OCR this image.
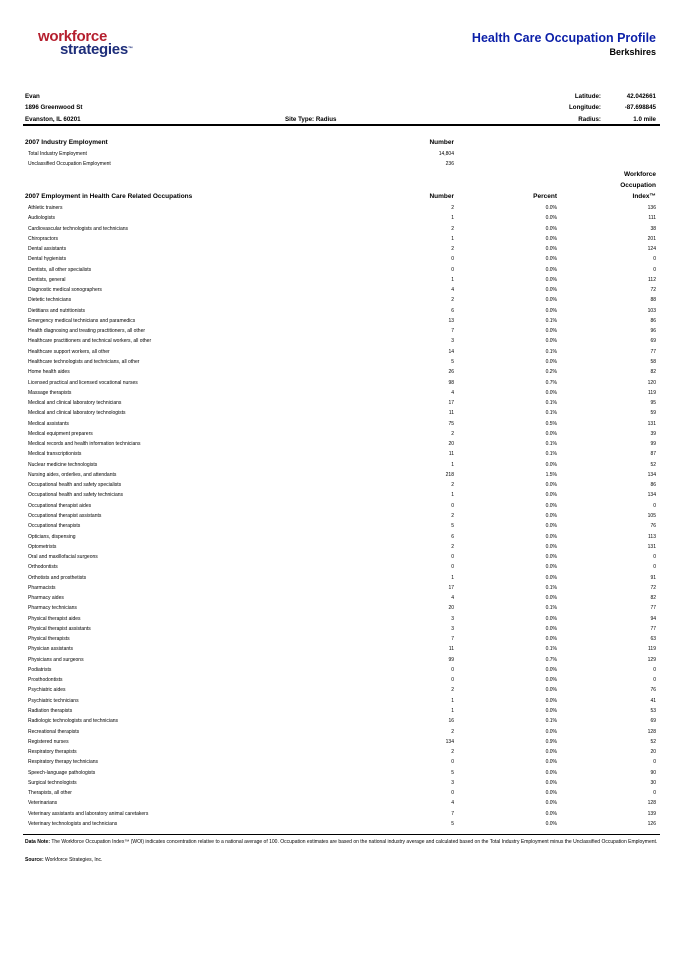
workforce
strategies™
Health Care Occupation Profile
Berkshires
Evan
1896 Greenwood St
Evanston, IL 60201	Site Type: Radius
Latitude:	42.042661
Longitude:	-87.698845
Radius:	1.0 mile
2007 Industry Employment	Number
Total Industry Employment	14,804
Unclassified Occupation Employment	236
Workforce
Occupation
Index™
2007 Employment in Health Care Related Occupations	Number	Percent
Athletic trainers	2	0.0%	136
Audiologists	1	0.0%	111
Cardiovascular technologists and technicians	2	0.0%	38
Chiropractors	1	0.0%	201
Dental assistants	2	0.0%	124
Dental hygienists	0	0.0%	0
Dentists, all other specialists	0	0.0%	0
Dentists, general	1	0.0%	112
Diagnostic medical sonographers	4	0.0%	72
Dietetic technicians	2	0.0%	88
Dietitians and nutritionists	6	0.0%	103
Emergency medical technicians and paramedics	13	0.1%	86
Health diagnosing and treating practitioners, all other	7	0.0%	96
Healthcare practitioners and technical workers, all other	3	0.0%	69
Healthcare support workers, all other	14	0.1%	77
Healthcare technologists and technicians, all other	5	0.0%	58
Home health aides	26	0.2%	82
Licensed practical and licensed vocational nurses	98	0.7%	120
Massage therapists	4	0.0%	119
Medical and clinical laboratory technicians	17	0.1%	95
Medical and clinical laboratory technologists	11	0.1%	59
Medical assistants	75	0.5%	131
Medical equipment preparers	2	0.0%	39
Medical records and health information technicians	20	0.1%	99
Medical transcriptionists	11	0.1%	87
Nuclear medicine technologists	1	0.0%	52
Nursing aides, orderlies, and attendants	218	1.5%	134
Occupational health and safety specialists	2	0.0%	86
Occupational health and safety technicians	1	0.0%	134
Occupational therapist aides	0	0.0%	0
Occupational therapist assistants	2	0.0%	105
Occupational therapists	5	0.0%	76
Opticians, dispensing	6	0.0%	113
Optometrists	2	0.0%	131
Oral and maxillofacial surgeons	0	0.0%	0
Orthodontists	0	0.0%	0
Orthotists and prosthetists	1	0.0%	91
Pharmacists	17	0.1%	72
Pharmacy aides	4	0.0%	82
Pharmacy technicians	20	0.1%	77
Physical therapist aides	3	0.0%	94
Physical therapist assistants	3	0.0%	77
Physical therapists	7	0.0%	63
Physician assistants	11	0.1%	119
Physicians and surgeons	99	0.7%	129
Podiatrists	0	0.0%	0
Prosthodontists	0	0.0%	0
Psychiatric aides	2	0.0%	76
Psychiatric technicians	1	0.0%	41
Radiation therapists	1	0.0%	53
Radiologic technologists and technicians	16	0.1%	69
Recreational therapists	2	0.0%	128
Registered nurses	134	0.9%	52
Respiratory therapists	2	0.0%	20
Respiratory therapy technicians	0	0.0%	0
Speech-language pathologists	5	0.0%	90
Surgical technologists	3	0.0%	30
Therapists, all other	0	0.0%	0
Veterinarians	4	0.0%	128
Veterinary assistants and laboratory animal caretakers	7	0.0%	139
Veterinary technologists and technicians	5	0.0%	126
Data Note: The Workforce Occupation Index™ (WOI) indicates concentration relative to a national average of 100. Occupation estimates are based on the national industry average and calculated based on the Total Industry Employment minus the Unclassified Occupation Employment.
Source: Workforce Strategies, Inc.
